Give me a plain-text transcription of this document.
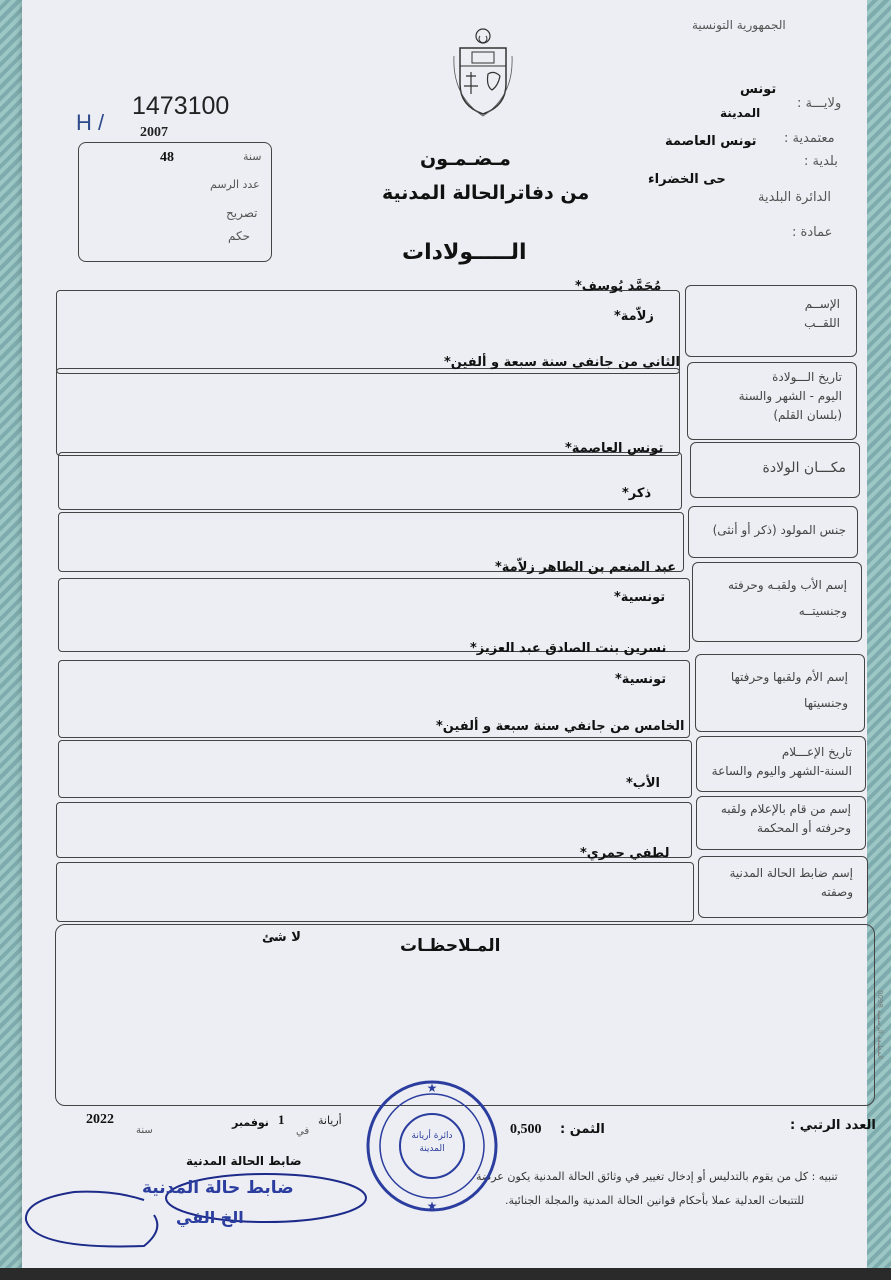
الجمهورية التونسية
تونس
ولايـــة :
المدينة
معتمدية :
تونس العاصمة
بلدية :
حى الخضراء
الدائرة البلدية
عمادة :
H /
1473100
2007
48	سنة
عدد الرسم
تصريح
حكم
مـضـمـون
من دفاترالحالة المدنية
الـــــولادات
الإســم
اللقــب
مُحَمَّد يُوسف*
زلاّمة*
تاريخ الـــولادة
اليوم - الشهر والسنة
(بلسان القلم)
الثاني من جانفي سنة سبعة و ألفين*
مكـــان الولادة
تونس العاصمة*
جنس المولود (ذكر أو أنثى)
ذكر*
إسم الأب ولقبـه وحرفته
وجنسيتــه
عبد المنعم بن الطاهر زلاّمة*
تونسية*
إسم الأم ولقبها وحرفتها
وجنسيتها
نسرين بنت الصادق عبد العزيز*
تونسية*
تاريخ الإعـــلام
السنة-الشهر واليوم والساعة
الخامس من جانفي سنة سبعة و ألفين*
إسم من قام بالإعلام ولقبه
وحرفته أو المحكمة
الأب*
إسم ضابط الحالة المدنية
وصفته
لطفي حمري*
المـلاحظـات
لا شئ
المطبعة الرسمية 0098
العدد الرتبي :
الثمن :
0,500
أريانة
في
1
نوفمبر
2022
سنة
ضابط الحالة المدنية
تنبيه : كل من يقوم بالتدليس أو إدخال تغيير في وثائق الحالة المدنية يكون عرضة
للتتبعات العدلية عملا بأحكام قوانين الحالة المدنية والمجلة الجنائية.
★
★
دائرة أريانة المدينة
ضابط حالة المدنية
الخ الفي
